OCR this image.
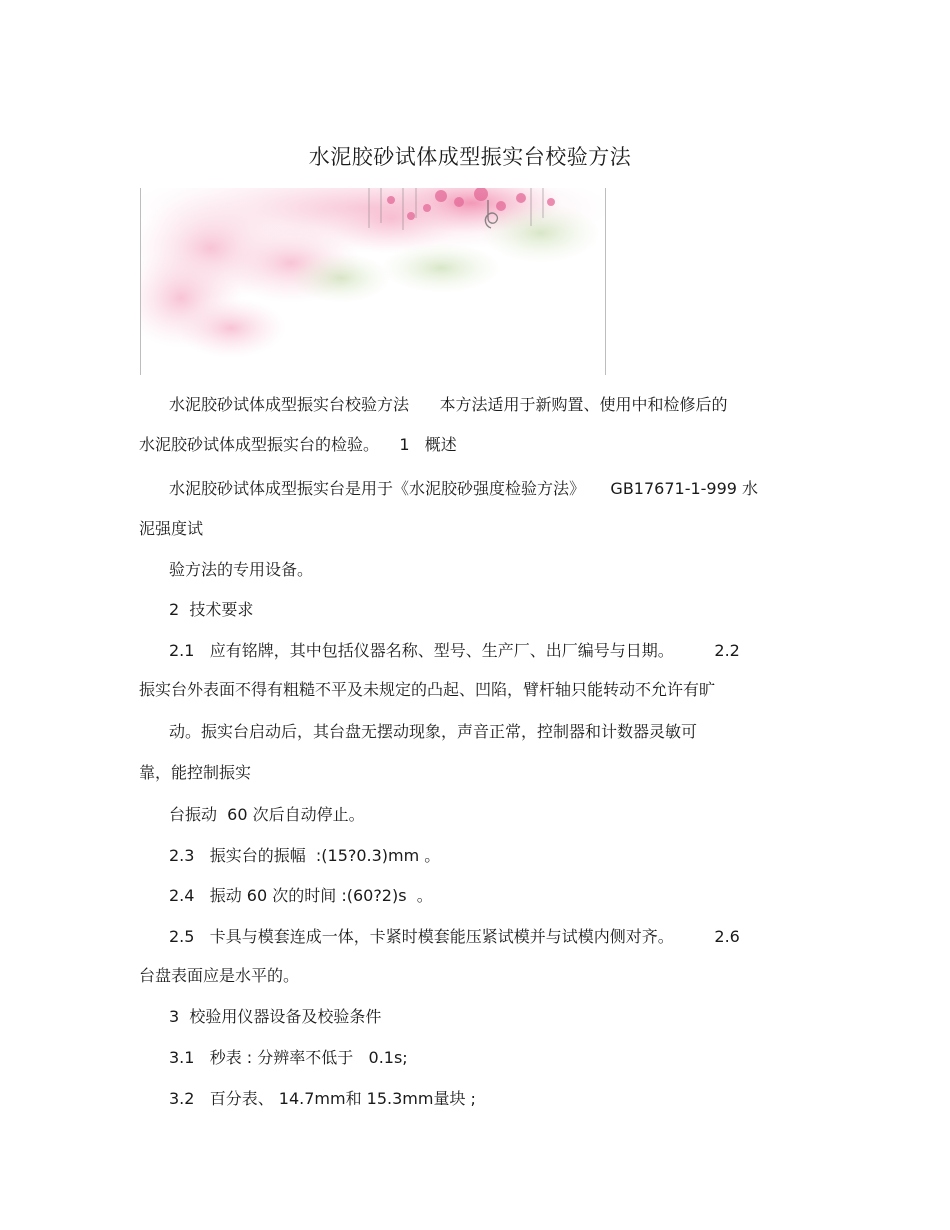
水泥胶砂试体成型振实台校验方法
水泥胶砂试体成型振实台校验方法      本方法适用于新购置、使用中和检修后的
水泥胶砂试体成型振实台的检验。    1   概述
水泥胶砂试体成型振实台是用于《水泥胶砂强度检验方法》     GB17671-1-999 水
泥强度试
验方法的专用设备。
2  技术要求
2.1   应有铭牌，其中包括仪器名称、型号、生产厂、出厂编号与日期。        2.2
振实台外表面不得有粗糙不平及未规定的凸起、凹陷，臂杆轴只能转动不允许有旷
动。振实台启动后，其台盘无摆动现象，声音正常，控制器和计数器灵敏可
靠，能控制振实
台振动  60 次后自动停止。
2.3   振实台的振幅  :(15?0.3)mm 。
2.4   振动 60 次的时间 :(60?2)s  。
2.5   卡具与模套连成一体，卡紧时模套能压紧试模并与试模内侧对齐。        2.6
台盘表面应是水平的。
3  校验用仪器设备及校验条件
3.1   秒表 : 分辨率不低于   0.1s;
3.2   百分表、 14.7mm和 15.3mm量块 ;
